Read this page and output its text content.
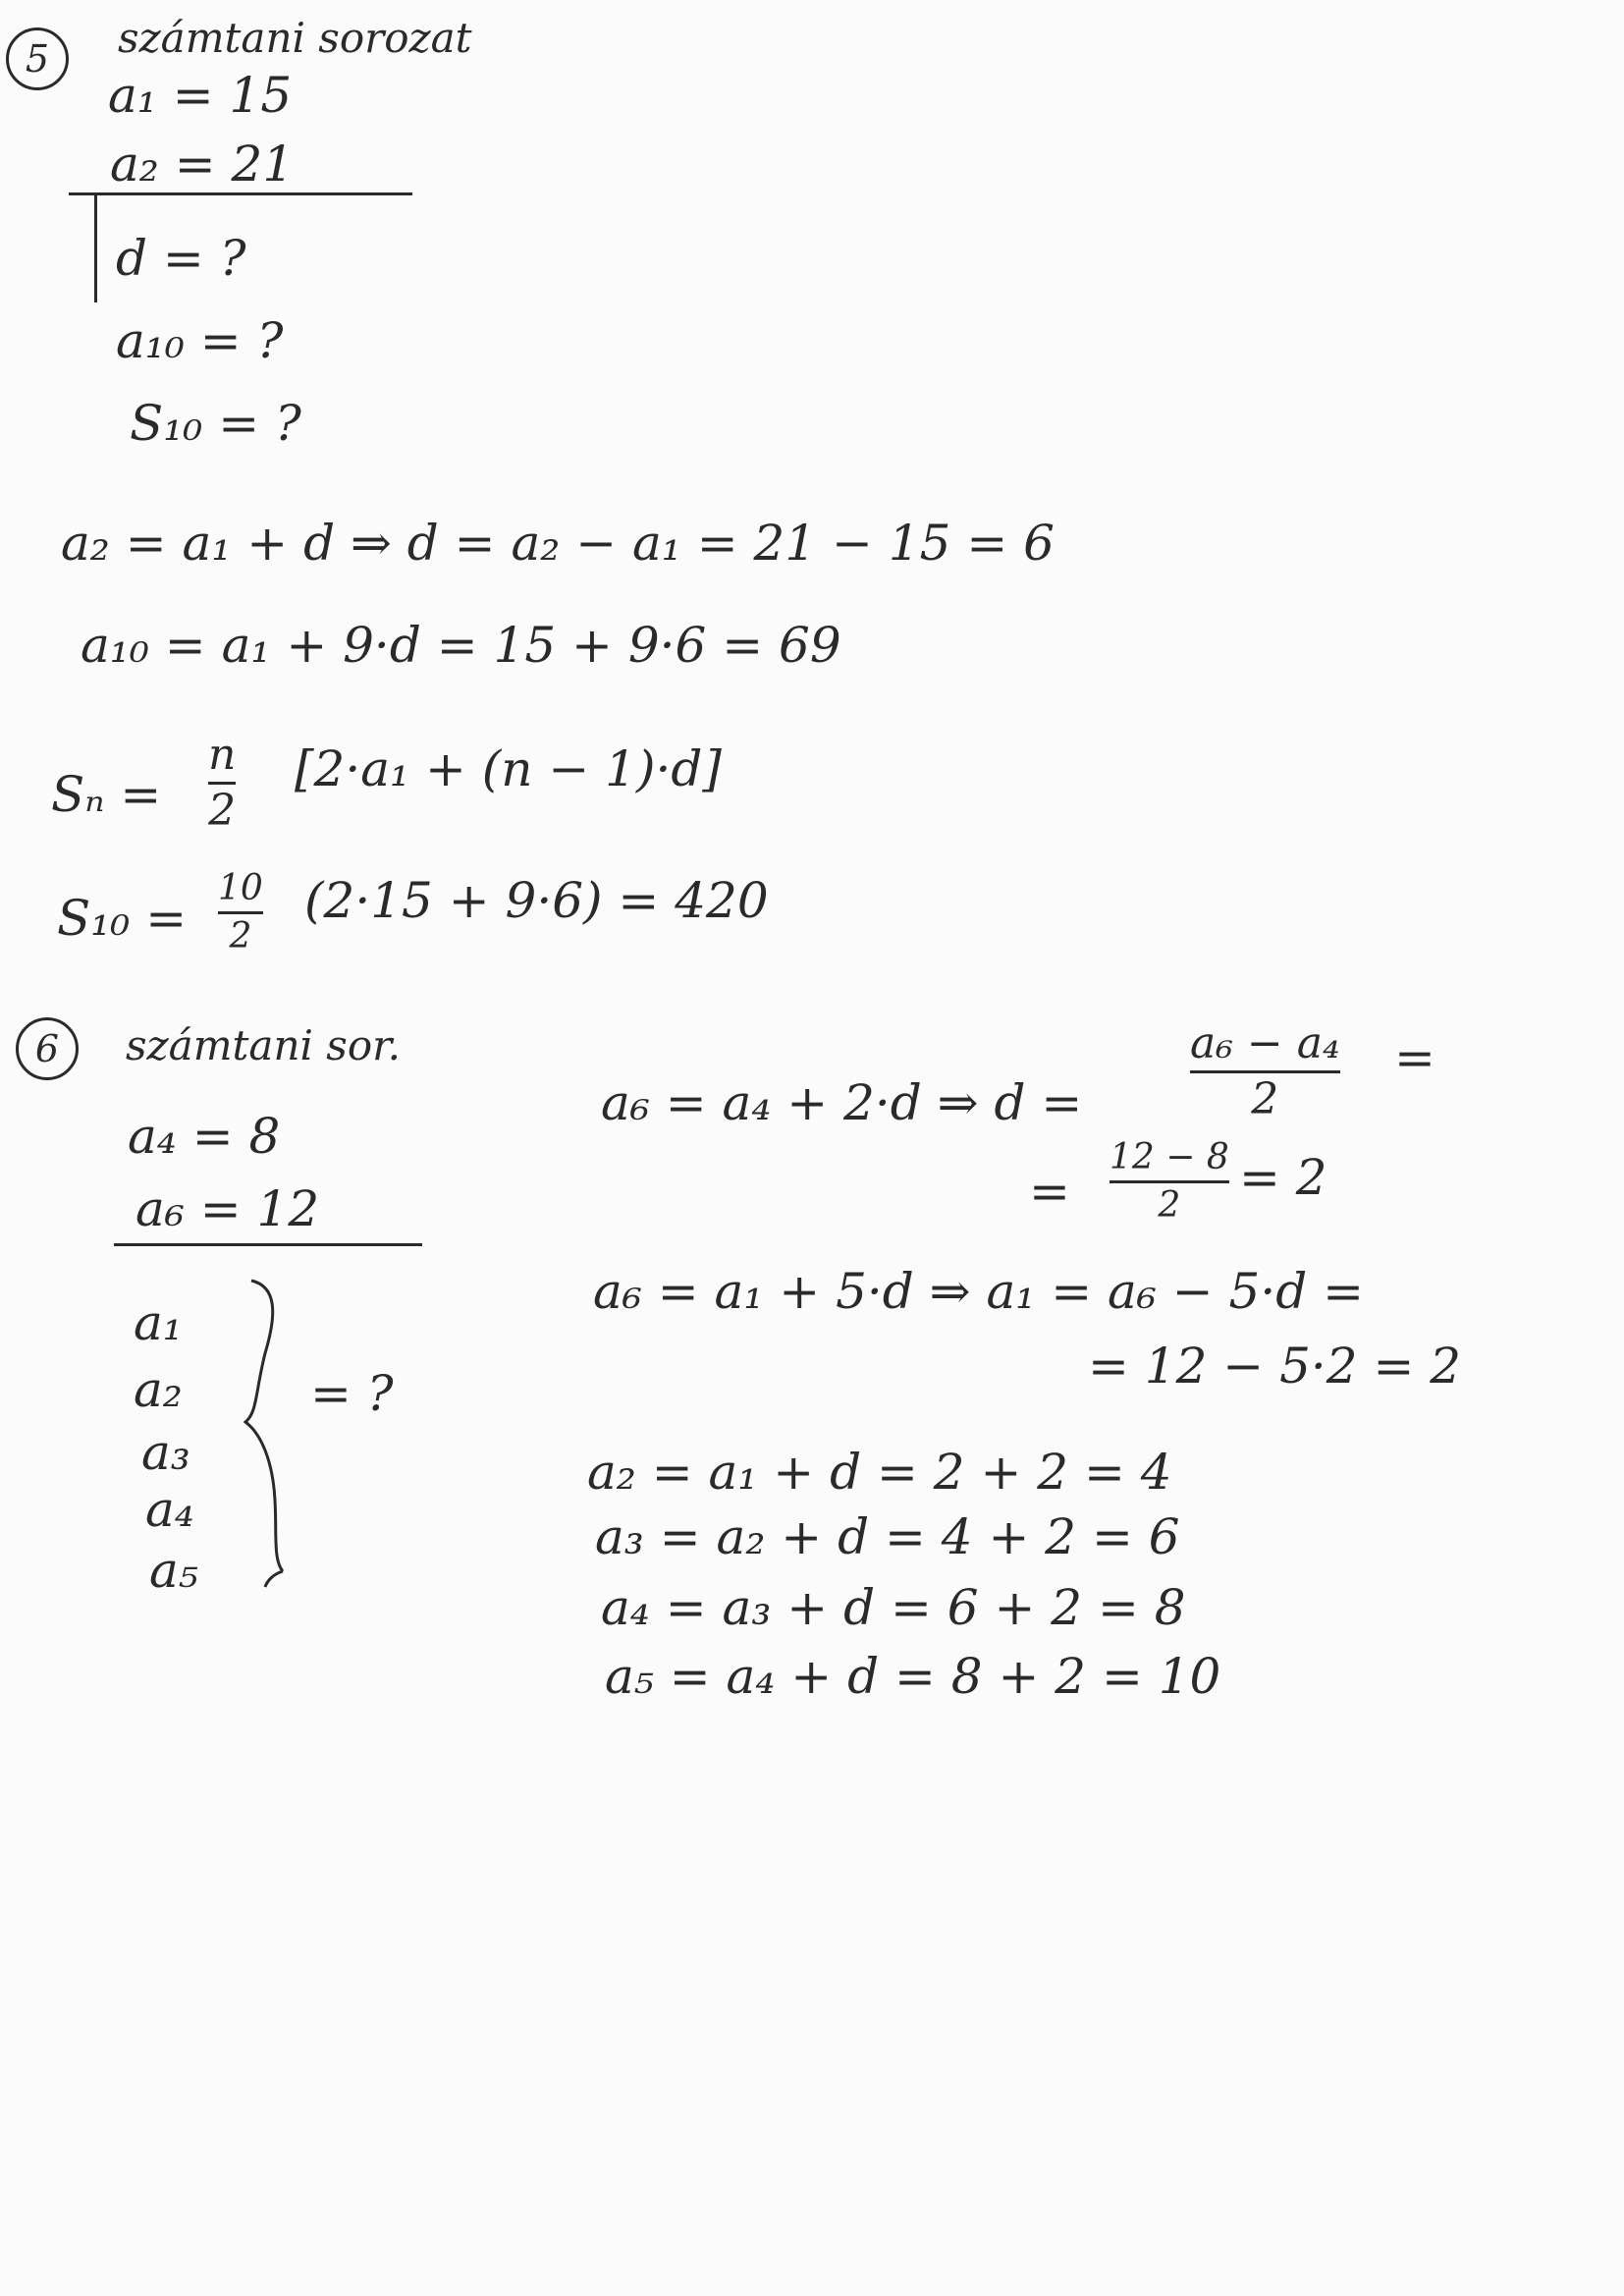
5 számtani sorozat
a₁ = 15
a₂ = 21
d = ?
a₁₀ = ?
S₁₀ = ?
a₂ = a₁ + d ⇒ d = a₂ − a₁ = 21 − 15 = 6
a₁₀ = a₁ + 9·d = 15 + 9·6 = 69
Sₙ =
n
2
[2·a₁ + (n − 1)·d]
S₁₀ =
10
2
(2·15 + 9·6) = 420
6 számtani sor.
a₄ = 8
a₆ = 12
a₁
a₂
a₃
a₄
a₅
= ?
a₆ = a₄ + 2·d ⇒ d =
a₆ − a₄
2
=
=
12 − 8
2 = 2
a₆ = a₁ + 5·d ⇒ a₁ = a₆ − 5·d =
= 12 − 5·2 = 2
a₂ = a₁ + d = 2 + 2 = 4
a₃ = a₂ + d = 4 + 2 = 6
a₄ = a₃ + d = 6 + 2 = 8
a₅ = a₄ + d = 8 + 2 = 10
